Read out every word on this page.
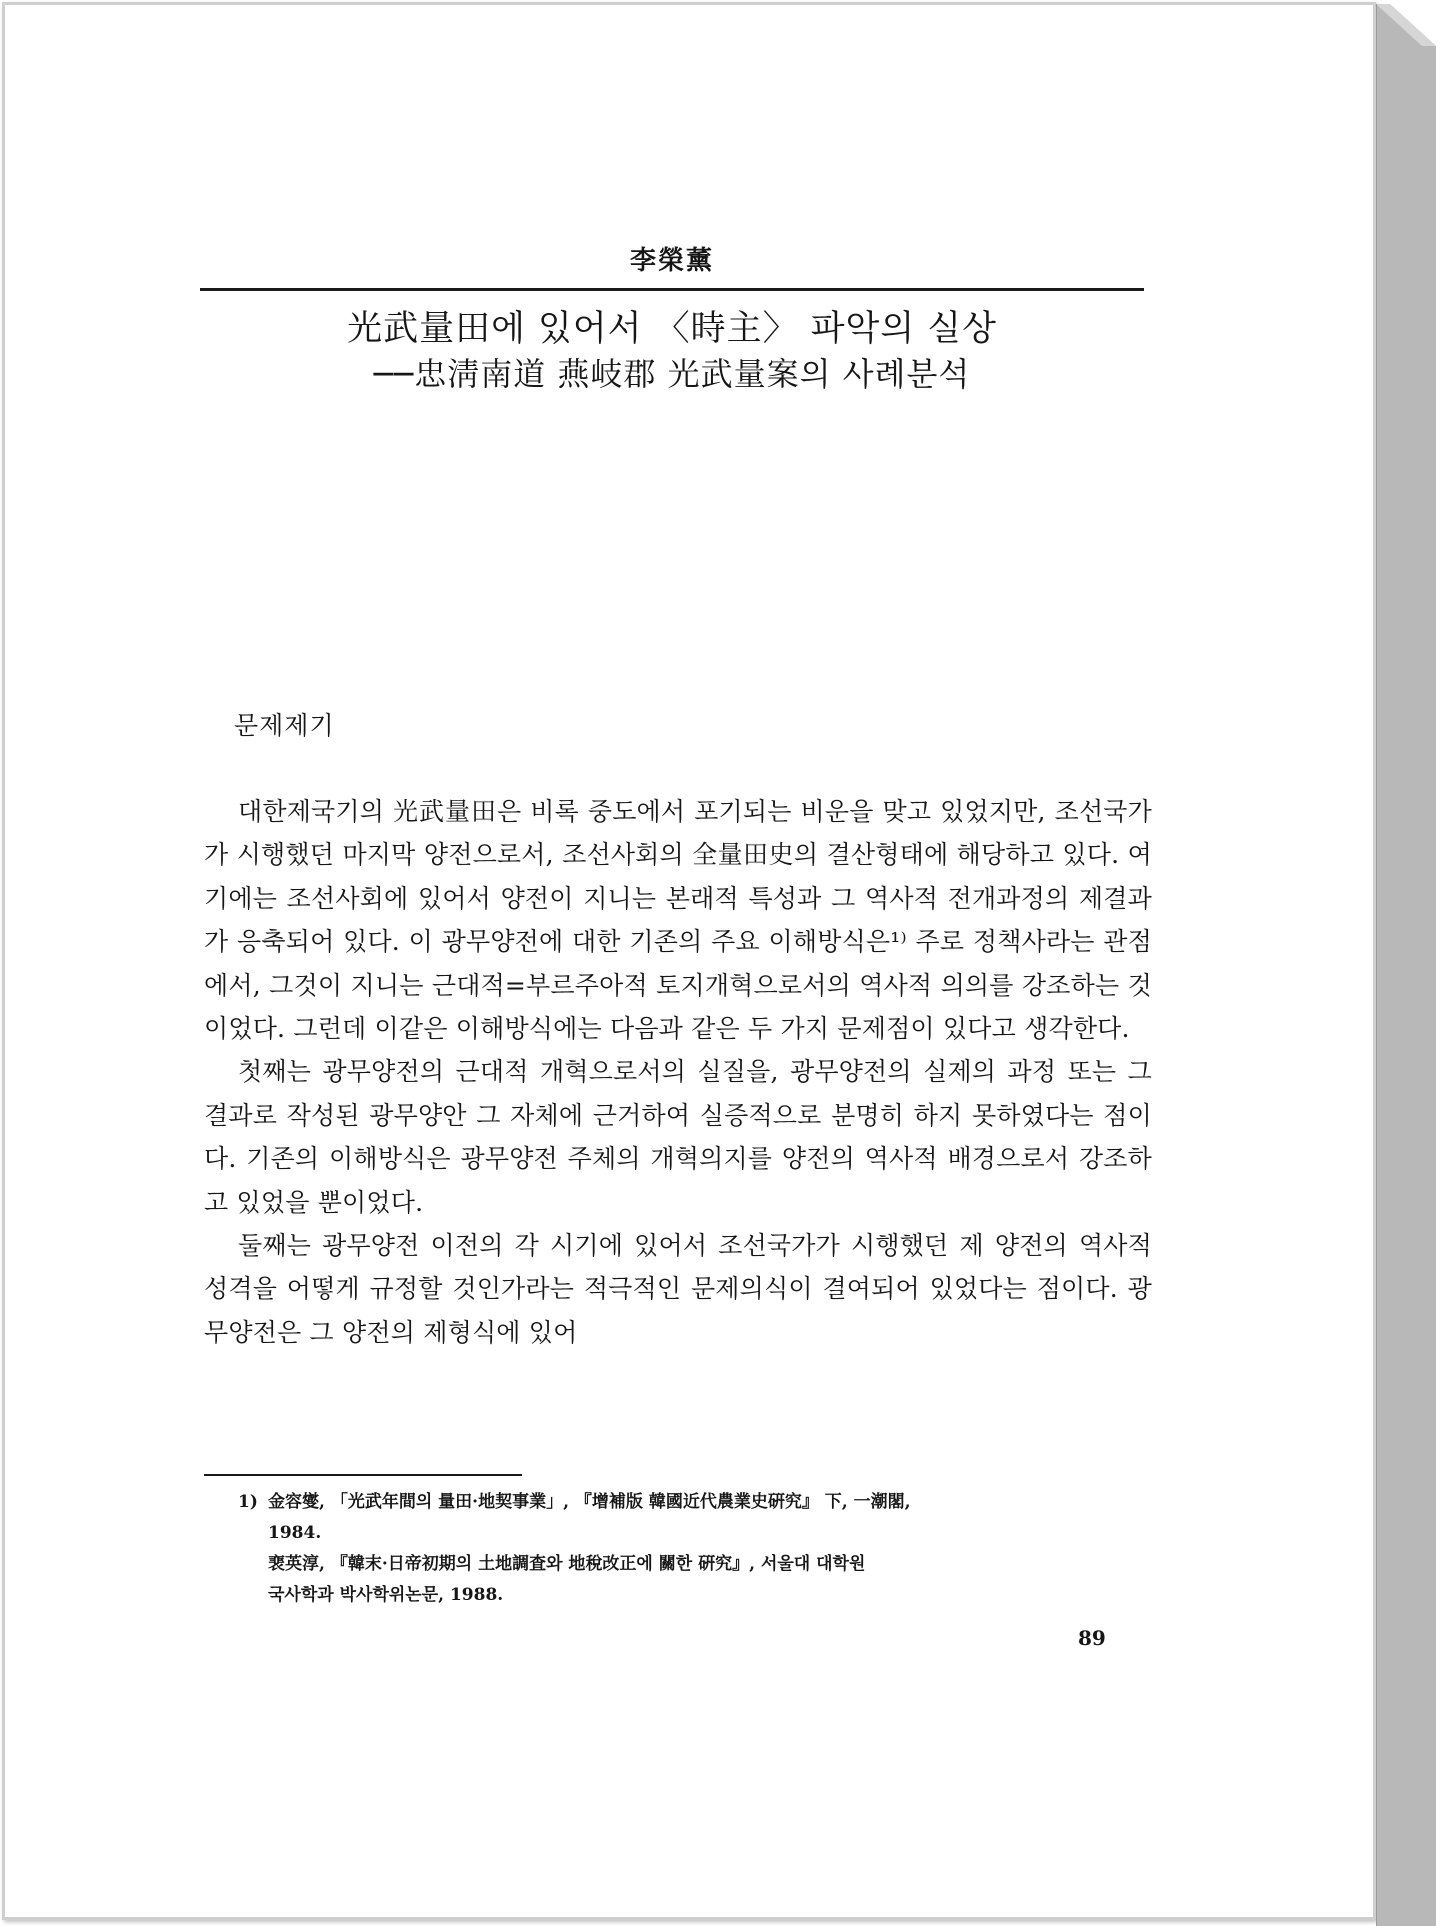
李榮薰
光武量田에 있어서 〈時主〉 파악의 실상
──忠淸南道 燕岐郡 光武量案의 사례분석
문제제기

대한제국기의 光武量田은 비록 중도에서 포기되는 비운을 맞고 있었지만, 조선국가가 시행했던 마지막 양전으로서, 조선사회의 全量田史의 결산형태에 해당하고 있다. 여기에는 조선사회에 있어서 양전이 지니는 본래적 특성과 그 역사적 전개과정의 제결과가 응축되어 있다. 이 광무양전에 대한 기존의 주요 이해방식은¹⁾ 주로 정책사라는 관점에서, 그것이 지니는 근대적=부르주아적 토지개혁으로서의 역사적 의의를 강조하는 것이었다. 그런데 이같은 이해방식에는 다음과 같은 두 가지 문제점이 있다고 생각한다.

첫째는 광무양전의 근대적 개혁으로서의 실질을, 광무양전의 실제의 과정 또는 그 결과로 작성된 광무양안 그 자체에 근거하여 실증적으로 분명히 하지 못하였다는 점이다. 기존의 이해방식은 광무양전 주체의 개혁의지를 양전의 역사적 배경으로서 강조하고 있었을 뿐이었다.

둘째는 광무양전 이전의 각 시기에 있어서 조선국가가 시행했던 제 양전의 역사적 성격을 어떻게 규정할 것인가라는 적극적인 문제의식이 결여되어 있었다는 점이다. 광무양전은 그 양전의 제형식에 있어

1) 金容燮, 「光武年間의 量田·地契事業」, 『增補版 韓國近代農業史硏究』 下, 一潮閣,
1984.
裵英淳, 『韓末·日帝初期의 土地調査와 地稅改正에 關한 硏究』, 서울대 대학원
국사학과 박사학위논문, 1988.
89
